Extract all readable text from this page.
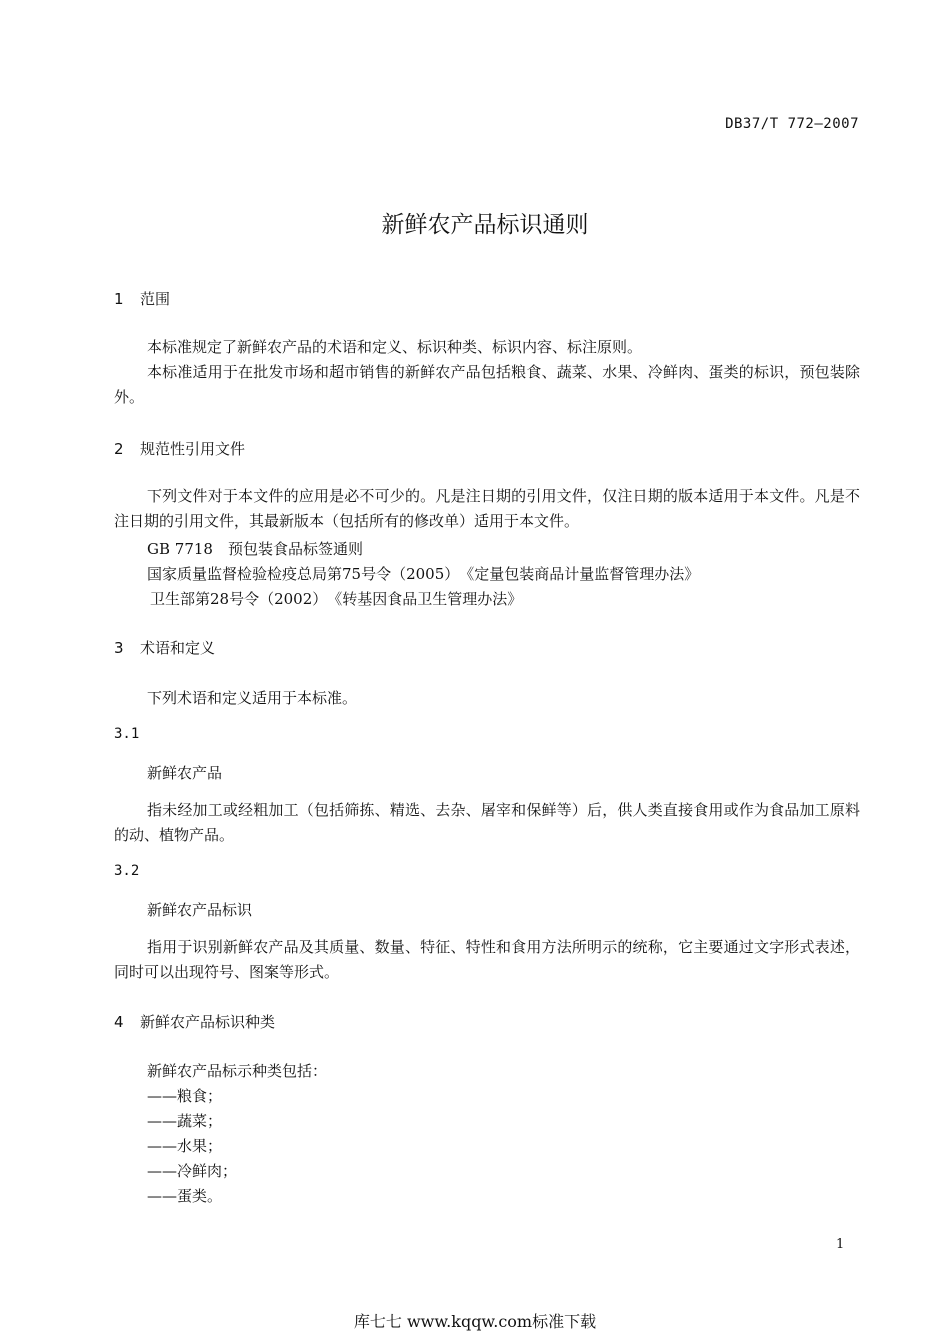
DB37/T 772—2007
新鲜农产品标识通则
1 范围
本标准规定了新鲜农产品的术语和定义、标识种类、标识内容、标注原则。
本标准适用于在批发市场和超市销售的新鲜农产品包括粮食、蔬菜、水果、冷鲜肉、蛋类的标识，预包装除外。
2 规范性引用文件
下列文件对于本文件的应用是必不可少的。凡是注日期的引用文件，仅注日期的版本适用于本文件。凡是不注日期的引用文件，其最新版本（包括所有的修改单）适用于本文件。
GB 7718　预包装食品标签通则
国家质量监督检验检疫总局第75号令（2005）　《定量包装商品计量监督管理办法》
卫生部第28号令（2002）　《转基因食品卫生管理办法》
3 术语和定义
下列术语和定义适用于本标准。
3.1
新鲜农产品
指未经加工或经粗加工（包括筛拣、精选、去杂、屠宰和保鲜等）后，供人类直接食用或作为食品加工原料的动、植物产品。
3.2
新鲜农产品标识
指用于识别新鲜农产品及其质量、数量、特征、特性和食用方法所明示的统称，它主要通过文字形式表述，同时可以出现符号、图案等形式。
4 新鲜农产品标识种类
新鲜农产品标示种类包括：
——粮食；
——蔬菜；
——水果；
——冷鲜肉；
——蛋类。
1
库七七 www.kqqw.com标准下载
